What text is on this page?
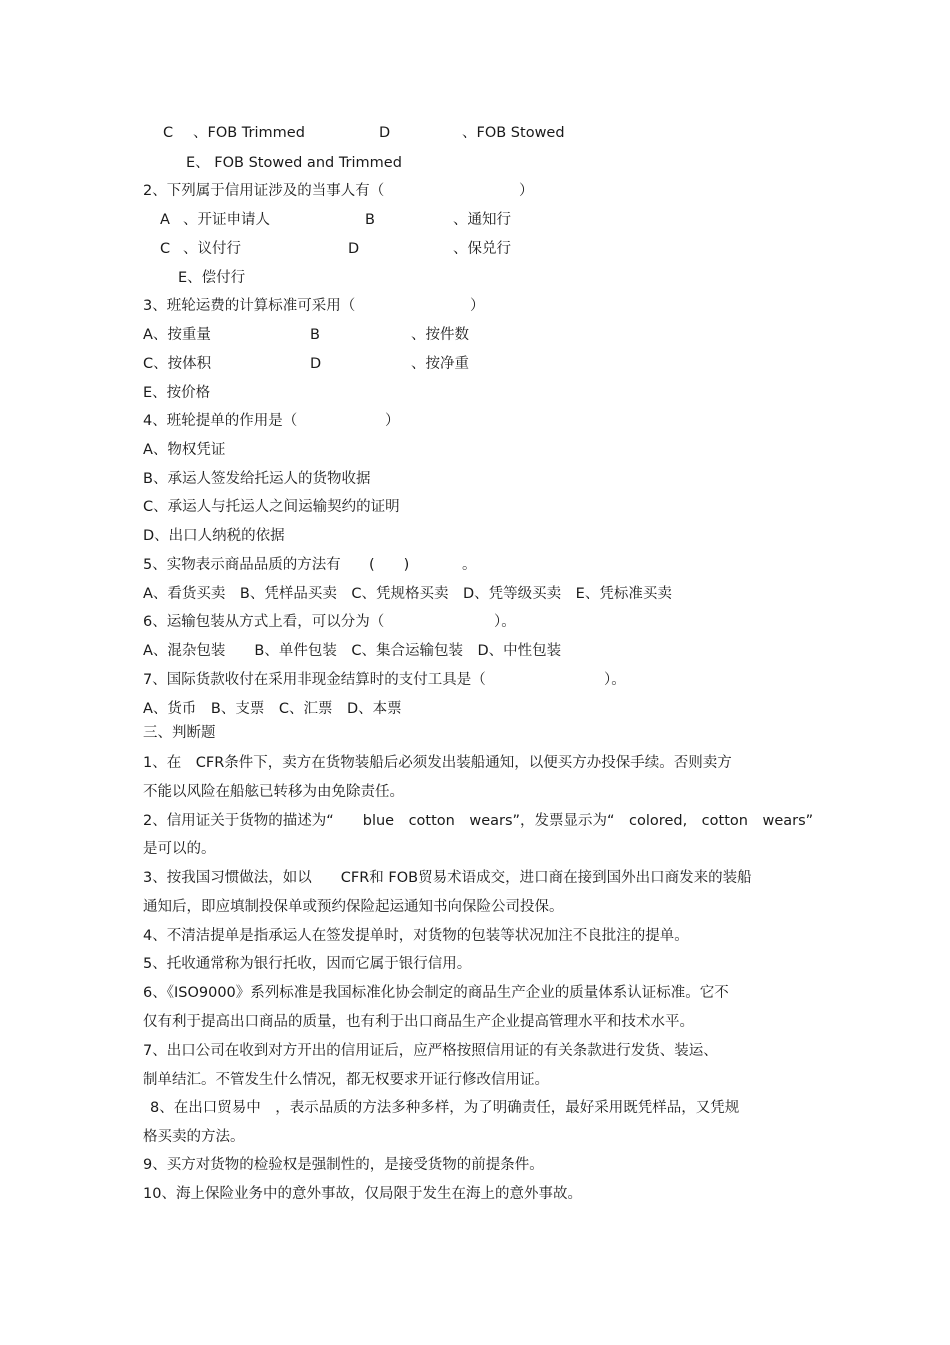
C 、FOB Trimmed	D	、FOB Stowed
E、 FOB Stowed and Trimmed
2、下列属于信用证涉及的当事人有（	）
A 、开证申请人	B	、通知行
C 、议付行	D	、保兑行
E、偿付行
3、班轮运费的计算标准可采用（	）
A、按重量	B	、按件数
C、按体积	D	、按净重
E、按价格
4、班轮提单的作用是（	）
A、物权凭证
B、承运人签发给托运人的货物收据
C、承运人与托运人之间运输契约的证明
D、出口人纳税的依据
5、实物表示商品品质的方法有 (　　)	。
A、看货买卖　B、凭样品买卖　C、凭规格买卖　D、凭等级买卖　E、凭标准买卖
6、运输包装从方式上看，可以分为（	）。
A、混杂包装　　B、单件包装　C、集合运输包装　D、中性包装
7、国际货款收付在采用非现金结算时的支付工具是（	）。
A、货币　B、支票　C、汇票　D、本票
三、判断题
1、在　CFR条件下，卖方在货物装船后必须发出装船通知，以便买方办投保手续。否则卖方
不能以风险在船舷已转移为由免除责任。
2、信用证关于货物的描述为“　　blue　cotton　wears”，发票显示为“　colored,　cotton　wears”
是可以的。
3、按我国习惯做法，如以　　CFR和 FOB贸易术语成交，进口商在接到国外出口商发来的装船
通知后，即应填制投保单或预约保险起运通知书向保险公司投保。
4、不清洁提单是指承运人在签发提单时，对货物的包装等状况加注不良批注的提单。
5、托收通常称为银行托收，因而它属于银行信用。
6、《ISO9000》系列标准是我国标准化协会制定的商品生产企业的质量体系认证标准。它不
仅有利于提高出口商品的质量，也有利于出口商品生产企业提高管理水平和技术水平。
7、出口公司在收到对方开出的信用证后，应严格按照信用证的有关条款进行发货、装运、
制单结汇。不管发生什么情况，都无权要求开证行修改信用证。
8、在出口贸易中　，表示品质的方法多种多样，为了明确责任，最好采用既凭样品，又凭规
格买卖的方法。
9、买方对货物的检验权是强制性的，是接受货物的前提条件。
10、海上保险业务中的意外事故，仅局限于发生在海上的意外事故。
